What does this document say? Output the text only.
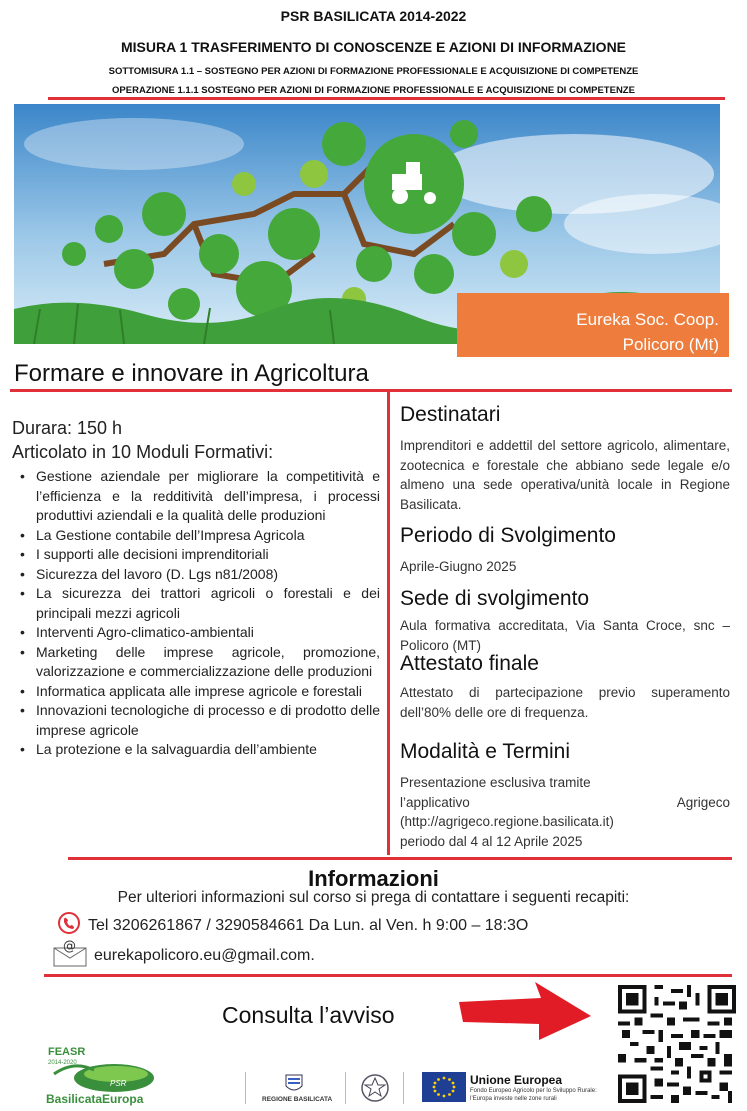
PSR BASILICATA 2014-2022
MISURA 1 TRASFERIMENTO DI CONOSCENZE E AZIONI DI INFORMAZIONE
SOTTOMISURA 1.1 – SOSTEGNO PER AZIONI DI FORMAZIONE PROFESSIONALE E ACQUISIZIONE DI COMPETENZE
OPERAZIONE 1.1.1 SOSTEGNO PER AZIONI DI FORMAZIONE PROFESSIONALE E ACQUISIZIONE DI COMPETENZE
Eureka Soc. Coop.
Policoro (Mt)
Formare e innovare in Agricoltura
Durara: 150 h
Articolato in 10 Moduli Formativi:
• Gestione aziendale per migliorare la competitività e l’efficienza e la redditività dell’impresa, i processi produttivi aziendali e la qualità delle produzioni
• La Gestione contabile dell’Impresa Agricola
• I supporti alle decisioni imprenditoriali
• Sicurezza del lavoro (D. Lgs n81/2008)
• La sicurezza dei trattori agricoli o forestali e dei principali mezzi agricoli
• Interventi Agro-climatico-ambientali
• Marketing delle imprese agricole, promozione, valorizzazione e commercializzazione delle produzioni
• Informatica applicata alle imprese agricole e forestali
• Innovazioni tecnologiche di processo e di prodotto delle imprese agricole
• La protezione e la salvaguardia dell’ambiente
Destinatari
Imprenditori e addettil del settore agricolo, alimentare, zootecnica e forestale che abbiano sede legale e/o almeno una sede operativa/unità locale in Regione Basilicata.
Periodo di Svolgimento
Aprile-Giugno 2025
Sede di svolgimento
Aula formativa accreditata, Via Santa Croce, snc – Policoro (MT)
Attestato finale
Attestato di partecipazione previo superamento dell’80% delle ore di frequenza.
Modalità e Termini
Presentazione esclusiva tramite
l’applicativo	Agrigeco
(http://agrigeco.regione.basilicata.it)
periodo dal 4 al 12 Aprile 2025
Informazioni
Per ulteriori informazioni sul corso si prega di contattare i seguenti recapiti:
Tel 3206261867 / 3290584661 Da Lun. al Ven. h 9:00 – 18:3O
@ eurekapolicoro.eu@gmail.com.
Consulta l’avviso
FEASR
2014-2020
PSR
BasilicataEuropa	REGIONE BASILICATA
Unione Europea
Fondo Europeo Agricolo per lo Sviluppo Rurale:
l’Europa investe nelle zone rurali
